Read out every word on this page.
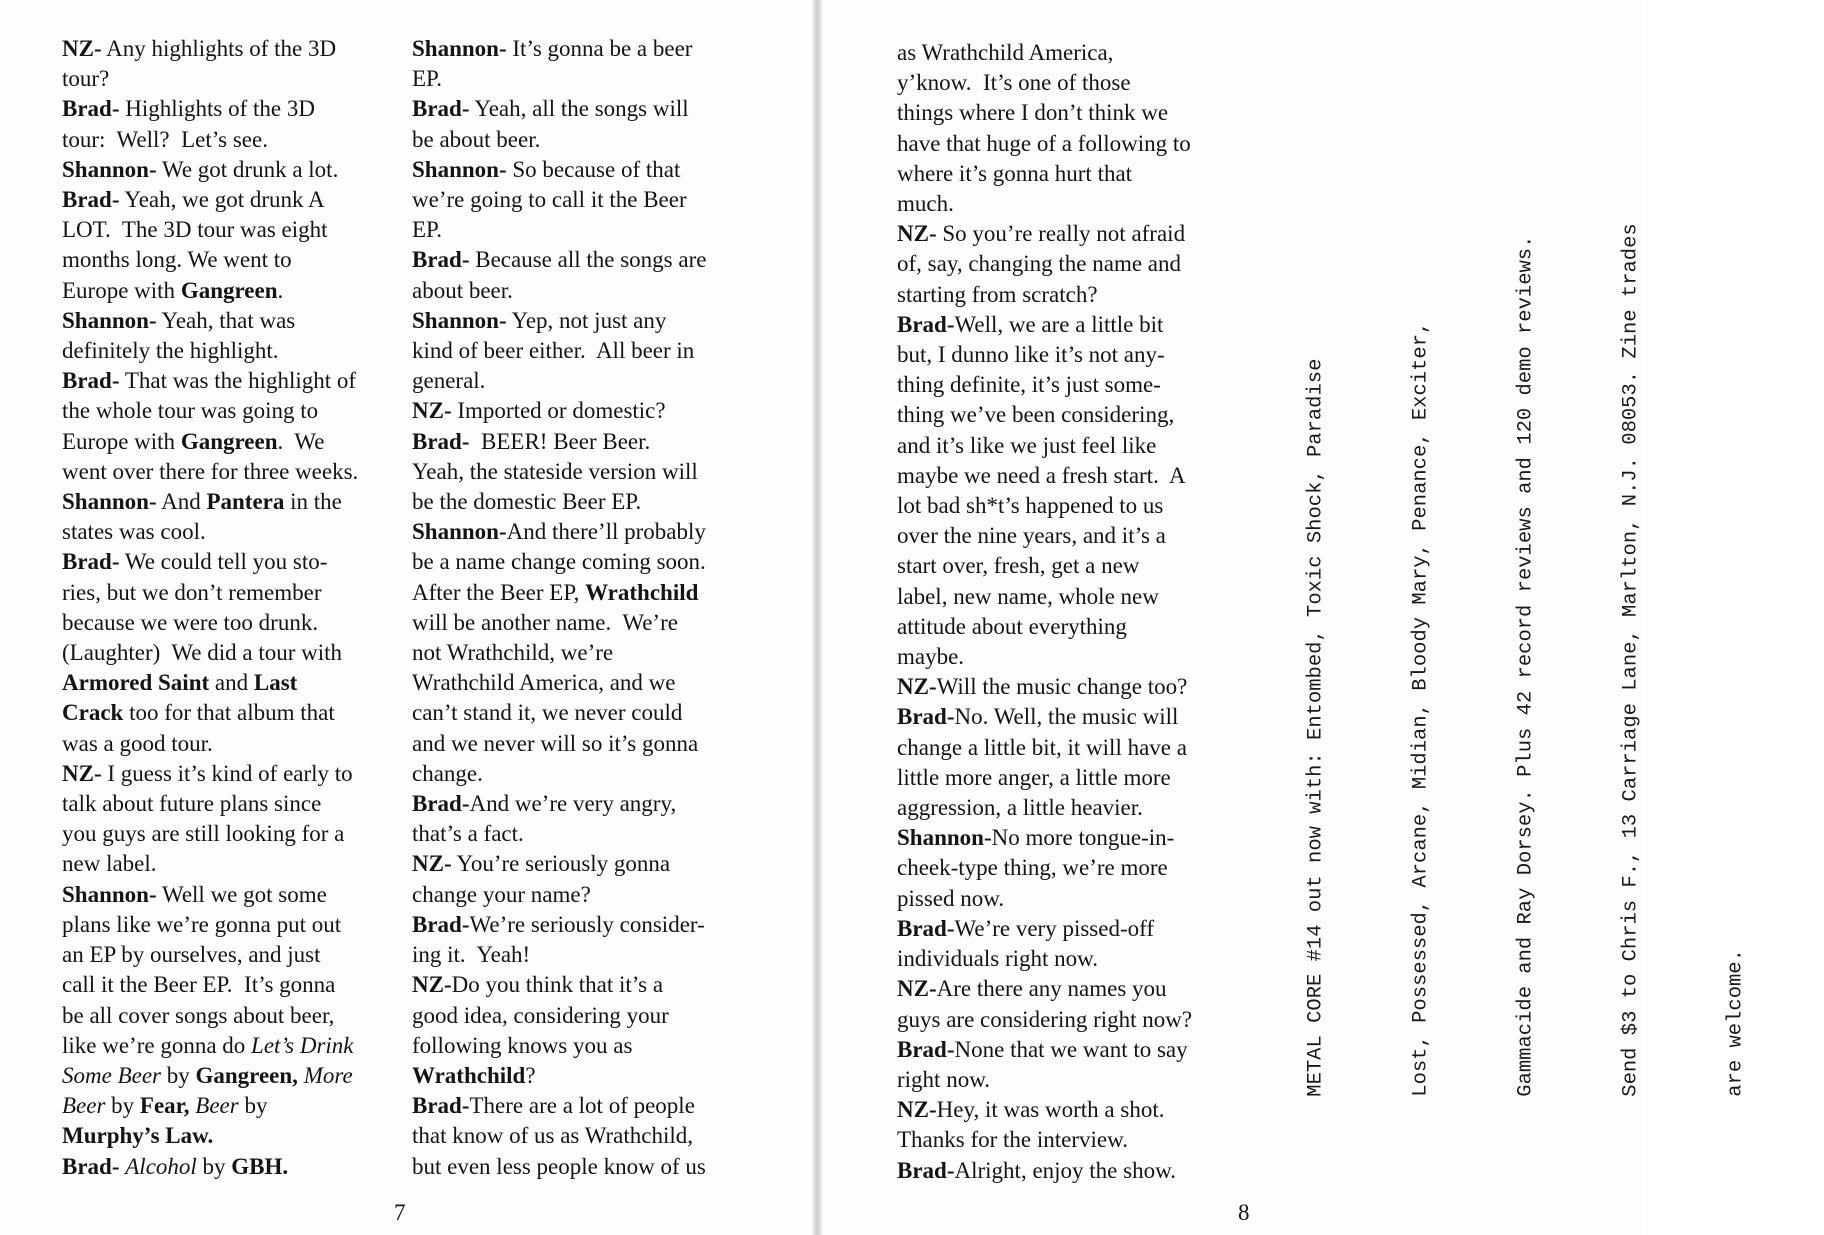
NZ- Any highlights of the 3D

tour?

Brad- Highlights of the 3D

tour:  Well?  Let’s see.

Shannon- We got drunk a lot.

Brad- Yeah, we got drunk A

LOT.  The 3D tour was eight

months long. We went to

Europe with Gangreen.

Shannon- Yeah, that was

definitely the highlight.

Brad- That was the highlight of

the whole tour was going to

Europe with Gangreen.  We

went over there for three weeks.

Shannon- And Pantera in the

states was cool.

Brad- We could tell you sto-

ries, but we don’t remember

because we were too drunk.

(Laughter)  We did a tour with

Armored Saint and Last

Crack too for that album that

was a good tour.

NZ- I guess it’s kind of early to

talk about future plans since

you guys are still looking for a

new label.

Shannon- Well we got some

plans like we’re gonna put out

an EP by ourselves, and just

call it the Beer EP.  It’s gonna

be all cover songs about beer,

like we’re gonna do Let’s Drink

Some Beer by Gangreen, More

Beer by Fear, Beer by

Murphy’s Law.

Brad- Alcohol by GBH.

Shannon- It’s gonna be a beer

EP.

Brad- Yeah, all the songs will

be about beer.

Shannon- So because of that

we’re going to call it the Beer

EP.

Brad- Because all the songs are

about beer.

Shannon- Yep, not just any

kind of beer either.  All beer in

general.

NZ- Imported or domestic?

Brad-  BEER! Beer Beer.

Yeah, the stateside version will

be the domestic Beer EP.

Shannon-And there’ll probably

be a name change coming soon.

After the Beer EP, Wrathchild

will be another name.  We’re

not Wrathchild, we’re

Wrathchild America, and we

can’t stand it, we never could

and we never will so it’s gonna

change.

Brad-And we’re very angry,

that’s a fact.

NZ- You’re seriously gonna

change your name?

Brad-We’re seriously consider-

ing it.  Yeah!

NZ-Do you think that it’s a

good idea, considering your

following knows you as

Wrathchild?

Brad-There are a lot of people

that know of us as Wrathchild,

but even less people know of us

7

as Wrathchild America,

y’know.  It’s one of those

things where I don’t think we

have that huge of a following to

where it’s gonna hurt that

much.

NZ- So you’re really not afraid

of, say, changing the name and

starting from scratch?

Brad-Well, we are a little bit

but, I dunno like it’s not any-

thing definite, it’s just some-

thing we’ve been considering,

and it’s like we just feel like

maybe we need a fresh start.  A

lot bad sh*t’s happened to us

over the nine years, and it’s a

start over, fresh, get a new

label, new name, whole new

attitude about everything

maybe.

NZ-Will the music change too?

Brad-No. Well, the music will

change a little bit, it will have a

little more anger, a little more

aggression, a little heavier.

Shannon-No more tongue-in-

cheek-type thing, we’re more

pissed now.

Brad-We’re very pissed-off

individuals right now.

NZ-Are there any names you

guys are considering right now?

Brad-None that we want to say

right now.

NZ-Hey, it was worth a shot.

Thanks for the interview.

Brad-Alright, enjoy the show.

8

METAL CORE #14 out now with: Entombed, Toxic Shock, Paradise

	Lost, Possessed, Arcane, Midian, Bloody Mary, Penance, Exciter,

	Gammacide and Ray Dorsey. Plus 42 record reviews and 120 demo reviews.

	Send $3 to Chris F., 13 Carriage Lane, Marlton, N.J. 08053. Zine trades

	are welcome.
